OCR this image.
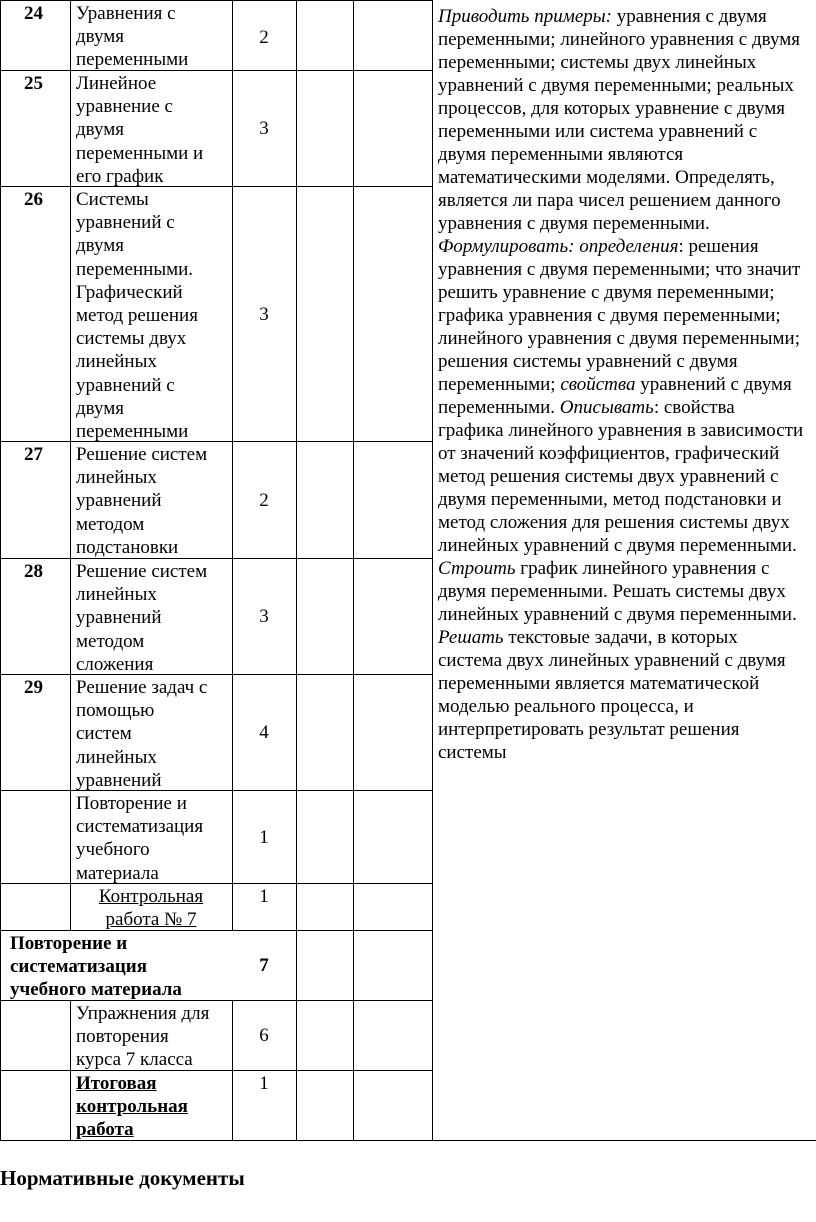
24 Уравнения с
двумя
переменными
2
25 Линейное
уравнение с
двумя
переменными и
его график
3
26 Системы
уравнений с
двумя
переменными.
Графический
метод решения
системы двух
линейных
уравнений с
двумя
переменными
3
27 Решение систем
линейных
уравнений
методом
подстановки
2
28 Решение систем
линейных
уравнений
методом
сложения
3
29 Решение задач с
помощью
систем
линейных
уравнений
4
Повторение и
систематизация
учебного
материала
1
Контрольная
работа № 7
1
Повторение и
систематизация
учебного материала
7
Упражнения для
повторения
курса 7 класса
6
Итоговая
контрольная
работа
1
Приводить примеры: уравнения с двумя
переменными; линейного уравнения с двумя
переменными; системы двух линейных
уравнений с двумя переменными; реальных
процессов, для которых уравнение с двумя
переменными или система уравнений с
двумя переменными являются
математическими моделями. Определять,
является ли пара чисел решением данного
уравнения с двумя переменными.
Формулировать: определения: решения
уравнения с двумя переменными; что значит
решить уравнение с двумя переменными;
графика уравнения с двумя переменными;
линейного уравнения с двумя переменными;
решения системы уравнений с двумя
переменными; свойства уравнений с двумя
переменными. Описывать: свойства
графика линейного уравнения в зависимости
от значений коэффициентов, графический
метод решения системы двух уравнений с
двумя переменными, метод подстановки и
метод сложения для решения системы двух
линейных уравнений с двумя переменными.
Строить график линейного уравнения с
двумя переменными. Решать системы двух
линейных уравнений с двумя переменными.
Решать текстовые задачи, в которых
система двух линейных уравнений с двумя
переменными является математической
моделью реального процесса, и
интерпретировать результат решения
системы
Нормативные документы
